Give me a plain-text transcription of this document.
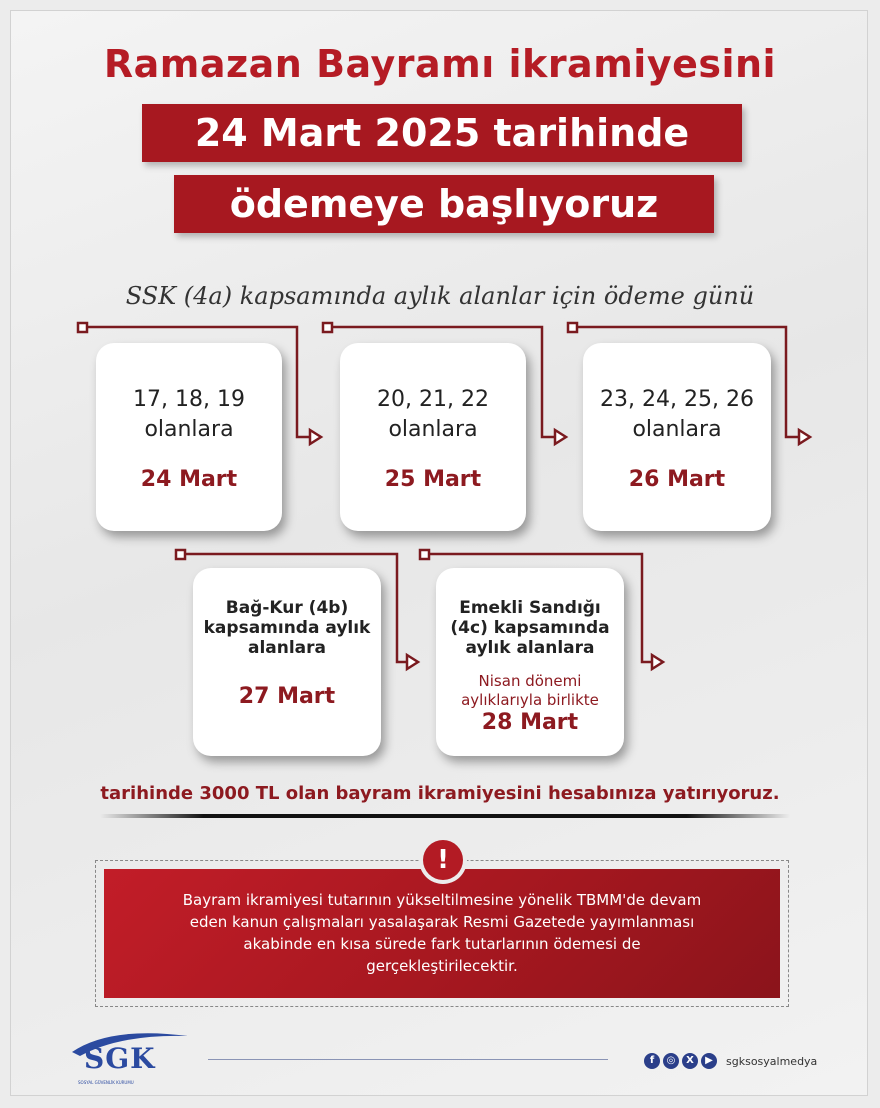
Ramazan Bayramı ikramiyesini
24 Mart 2025 tarihinde
ödemeye başlıyoruz
SSK (4a) kapsamında aylık alanlar için ödeme günü
17, 18, 19
olanlara
24 Mart
20, 21, 22
olanlara
25 Mart
23, 24, 25, 26
olanlara
26 Mart
Bağ-Kur (4b)
kapsamında aylık
alanlara
27 Mart
Emekli Sandığı
(4c) kapsamında
aylık alanlara
Nisan dönemi
aylıklarıyla birlikte
28 Mart
tarihinde 3000 TL olan bayram ikramiyesini hesabınıza yatırıyoruz.
Bayram ikramiyesi tutarının yükseltilmesine yönelik TBMM'de devam
eden kanun çalışmaları yasalaşarak Resmi Gazetede yayımlanması
akabinde en kısa sürede fark tutarlarının ödemesi de
gerçekleştirilecektir.
!
SGK
SOSYAL GÜVENLİK KURUMU
f	◎	X	▶	sgksosyalmedya
